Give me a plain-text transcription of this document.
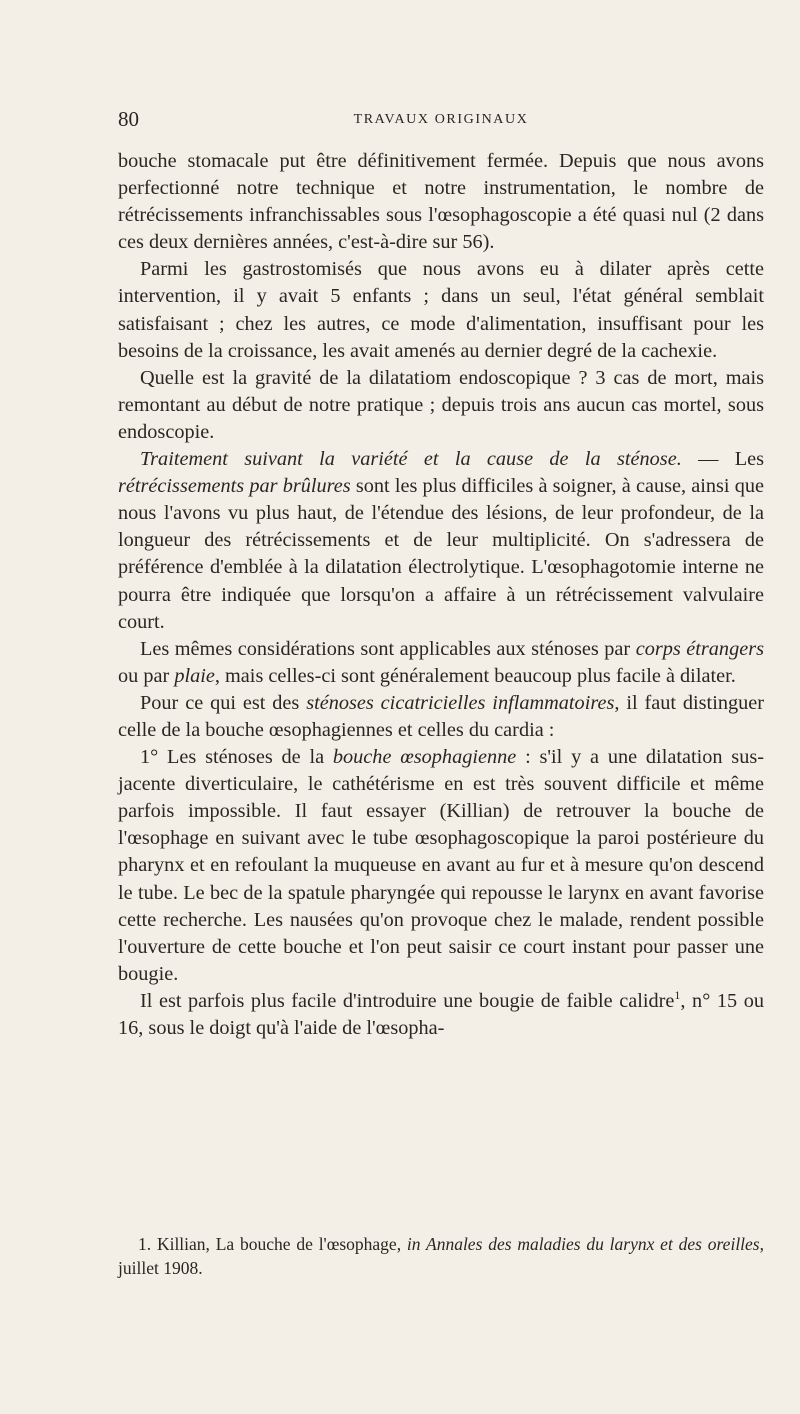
80	TRAVAUX ORIGINAUX

bouche stomacale put être définitivement fermée. Depuis que nous avons perfectionné notre technique et notre instrumentation, le nombre de rétrécissements infranchissables sous l'œsophagoscopie a été quasi nul (2 dans ces deux dernières années, c'est-à-dire sur 56).

Parmi les gastrostomisés que nous avons eu à dilater après cette intervention, il y avait 5 enfants ; dans un seul, l'état général semblait satisfaisant ; chez les autres, ce mode d'alimentation, insuffisant pour les besoins de la croissance, les avait amenés au dernier degré de la cachexie.

Quelle est la gravité de la dilatatiom endoscopique ? 3 cas de mort, mais remontant au début de notre pratique ; depuis trois ans aucun cas mortel, sous endoscopie.

Traitement suivant la variété et la cause de la sténose. — Les rétrécissements par brûlures sont les plus difficiles à soigner, à cause, ainsi que nous l'avons vu plus haut, de l'étendue des lésions, de leur profondeur, de la longueur des rétrécissements et de leur multiplicité. On s'adressera de préférence d'emblée à la dilatation électrolytique. L'œsophagotomie interne ne pourra être indiquée que lorsqu'on a affaire à un rétrécissement valvulaire court.

Les mêmes considérations sont applicables aux sténoses par corps étrangers ou par plaie, mais celles-ci sont généralement beaucoup plus facile à dilater.

Pour ce qui est des sténoses cicatricielles inflammatoires, il faut distinguer celle de la bouche œsophagiennes et celles du cardia :

1° Les sténoses de la bouche œsophagienne : s'il y a une dilatation sus-jacente diverticulaire, le cathétérisme en est très souvent difficile et même parfois impossible. Il faut essayer (Killian) de retrouver la bouche de l'œsophage en suivant avec le tube œsophagoscopique la paroi postérieure du pharynx et en refoulant la muqueuse en avant au fur et à mesure qu'on descend le tube. Le bec de la spatule pharyngée qui repousse le larynx en avant favorise cette recherche. Les nausées qu'on provoque chez le malade, rendent possible l'ouverture de cette bouche et l'on peut saisir ce court instant pour passer une bougie.

Il est parfois plus facile d'introduire une bougie de faible calidre$^1$, n° 15 ou 16, sous le doigt qu'à l'aide de l'œsopha-

1. Killian, La bouche de l'œsophage, in Annales des maladies du larynx et des oreilles, juillet 1908.
